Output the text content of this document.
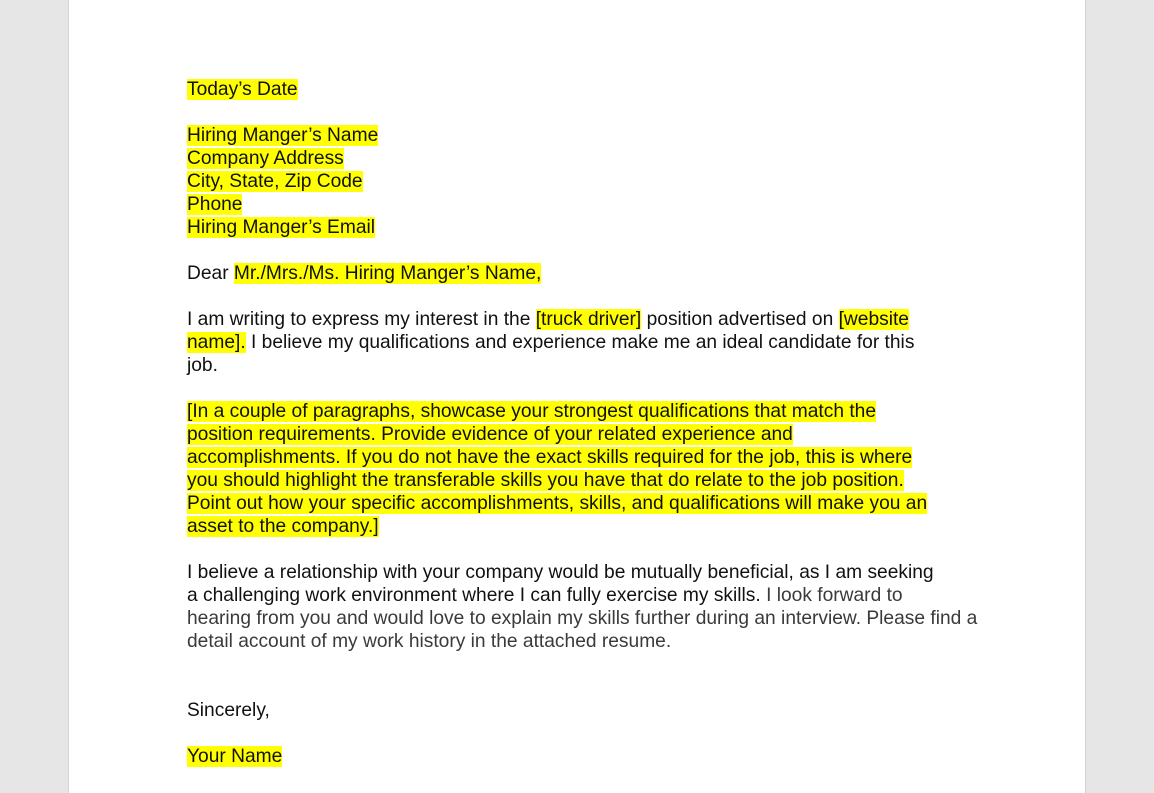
Today’s Date
Hiring Manger’s Name
Company Address
City, State, Zip Code
Phone
Hiring Manger’s Email
Dear Mr./Mrs./Ms. Hiring Manger’s Name,
I am writing to express my interest in the [truck driver] position advertised on [website
name]. I believe my qualifications and experience make me an ideal candidate for this
job.
[In a couple of paragraphs, showcase your strongest qualifications that match the
position requirements. Provide evidence of your related experience and
accomplishments. If you do not have the exact skills required for the job, this is where
you should highlight the transferable skills you have that do relate to the job position.
Point out how your specific accomplishments, skills, and qualifications will make you an
asset to the company.]
I believe a relationship with your company would be mutually beneficial, as I am seeking
a challenging work environment where I can fully exercise my skills. I look forward to
hearing from you and would love to explain my skills further during an interview. Please find a
detail account of my work history in the attached resume.
Sincerely,
Your Name
